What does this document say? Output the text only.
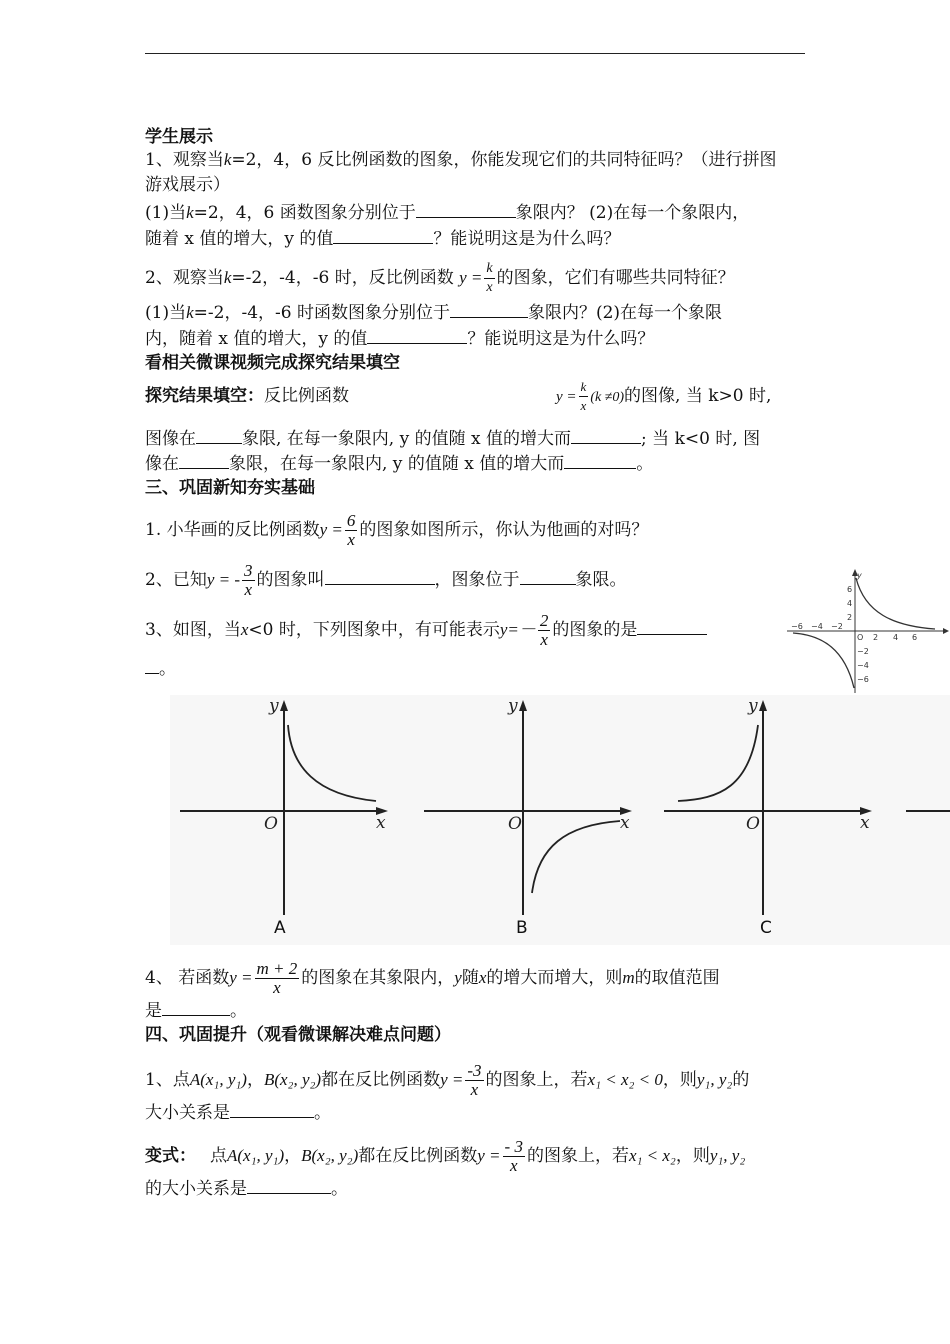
学生展示
1、观察当k=2，4，6 反比例函数的图象，你能发现它们的共同特征吗？（进行拼图
游戏展示）
(1)当k=2，4，6 函数图象分别位于	象限内？ (2)在每一个象限内，
随着 x 值的增大，y 的值	？能说明这是为什么吗？
2、观察当k=-2，-4，-6 时，反比例函数 $y = \frac{k}{x}$ 的图象，它们有哪些共同特征？
(1)当k=-2，-4，-6 时函数图象分别位于	象限内？(2)在每一个象限
内，随着 x 值的增大，y 的值	？能说明这是为什么吗？
看相关微课视频完成探究结果填空
探究结果填空：反比例函数	$y = \frac{k}{x} (k \ne 0)$的图像, 当 k>0 时,
图像在	象限, 在每一象限内, y 的值随 x 值的增大而	; 当 k<0 时, 图
像在	象限，在每一象限内, y 的值随 x 值的增大而	。
三、巩固新知夯实基础
1. 小华画的反比例函数$y = \frac{6}{x}$ 的图象如图所示，你认为他画的对吗？
2、已知y = - $\frac{3}{x}$ 的图象叫	，图象位于	象限。
3、如图，当x<0 时，下列图象中，有可能表示$y=- \frac{2}{x}$ 的图象的是
。
−6 −4 −2
2 4 6
6
4
2
−2
−4
−6
y
O
y
x
O
A
y
x
O
B
y
x
O
C
4、 若函数$y = \frac{m + 2}{x}$ 的图象在其象限内，y随x的增大而增大，则m的取值范围
是	。
四、巩固提升（观看微课解决难点问题）
1、点A(x₁, y₁)，B(x₂, y₂)都在反比例函数$y = \frac{-3}{x}$ 的图象上，若x₁ < x₂ < 0，则y₁, y₂的
大小关系是	。
变式： 点A(x₁, y₁)，B(x₂, y₂)都在反比例函数$y = \frac{- 3}{x}$ 的图象上，若x₁ < x₂，则y₁, y₂
的大小关系是	。
